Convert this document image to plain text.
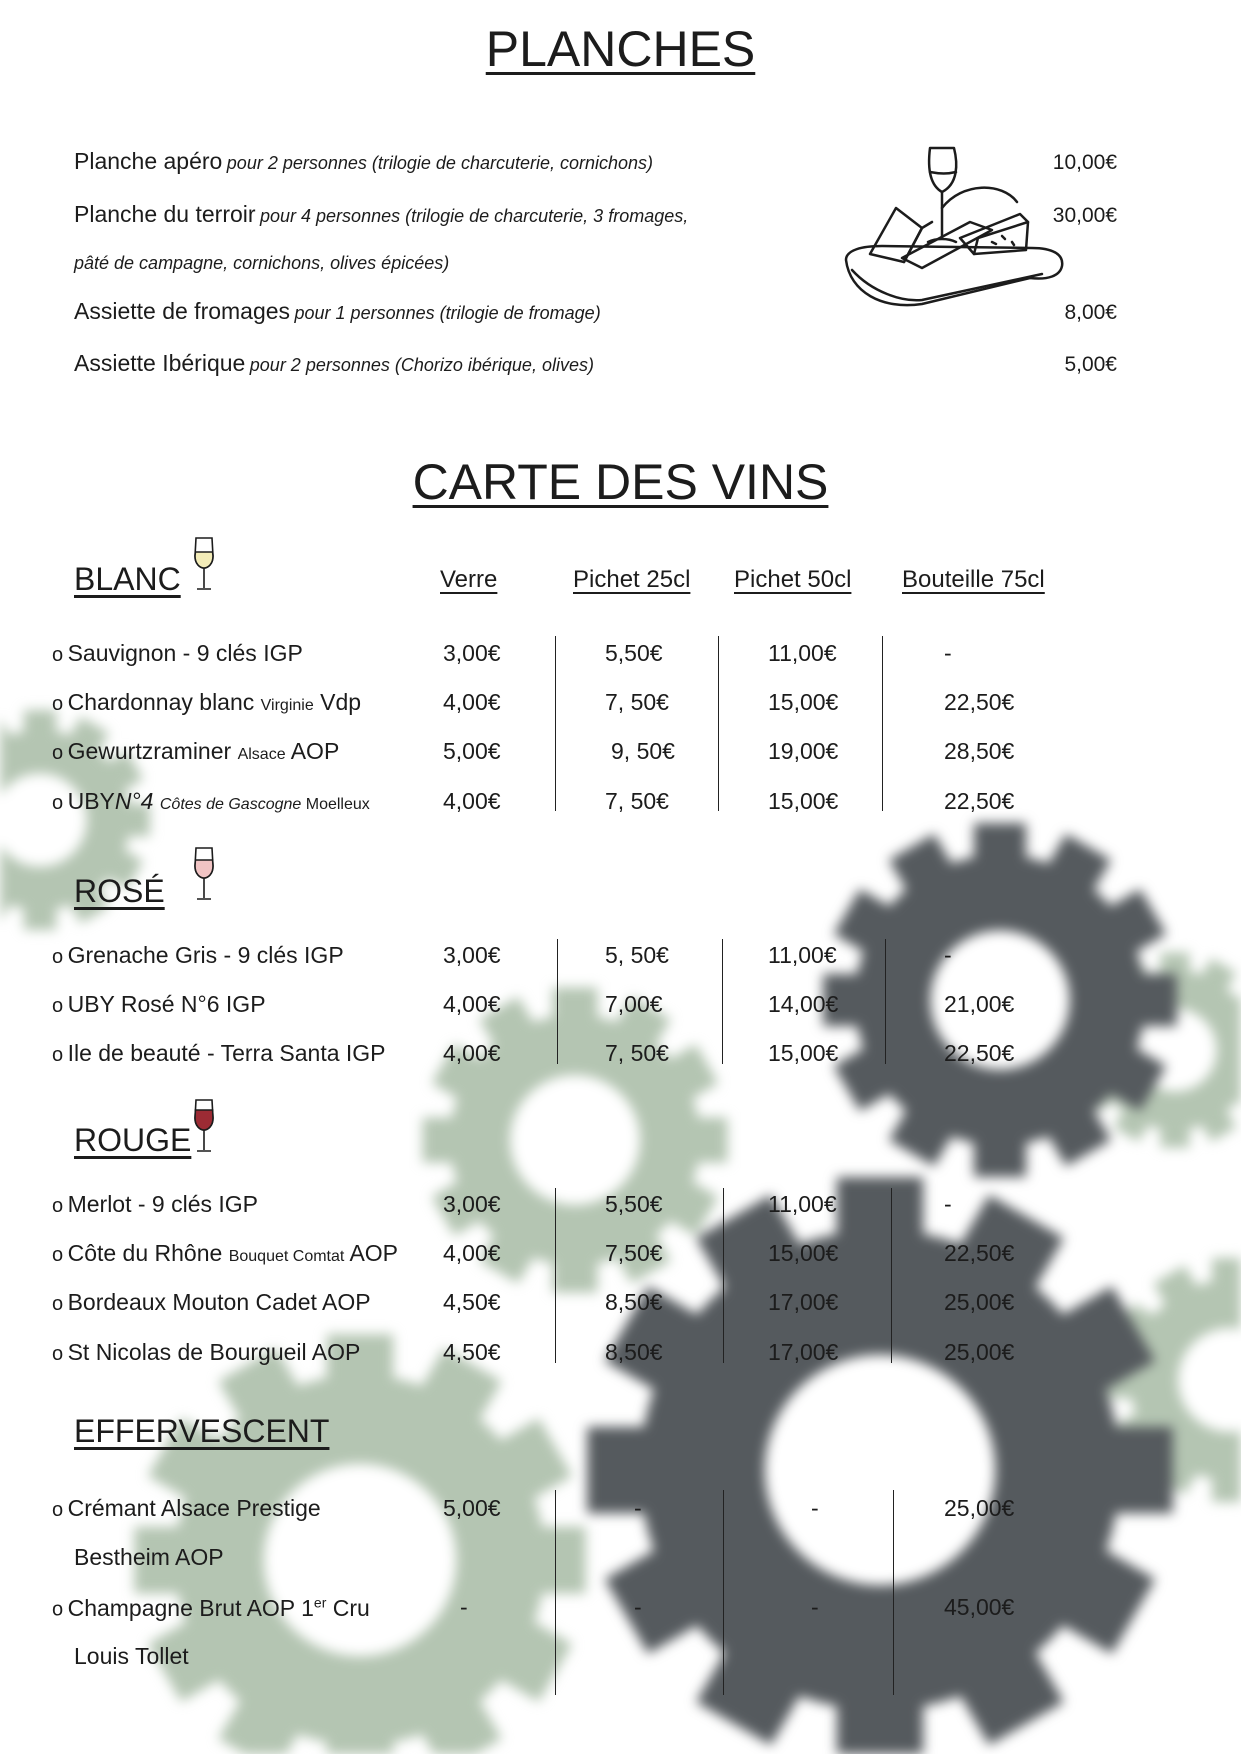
PLANCHES
Planche apéro pour 2 personnes (trilogie de charcuterie, cornichons)	10,00€
Planche du terroir pour 4 personnes (trilogie de charcuterie, 3 fromages,
pâté de campagne, cornichons, olives épicées)
30,00€
Assiette de fromages pour 1 personnes (trilogie de fromage)	8,00€
Assiette Ibérique pour 2 personnes (Chorizo ibérique, olives)	5,00€
CARTE DES VINS
Verre	Pichet 25cl Pichet 50cl Bouteille 75cl
BLANC
o Sauvignon - 9 clés IGP	3,00€	5,50€	11,00€	-
o Chardonnay blanc Virginie Vdp	4,00€	7, 50€	15,00€	22,50€
o Gewurtzraminer Alsace AOP	5,00€	9, 50€	19,00€	28,50€
o UBYN°4 Côtes de Gascogne Moelleux	4,00€	7, 50€	15,00€	22,50€
ROSÉ
o Grenache Gris - 9 clés IGP	3,00€	5, 50€	11,00€	-
o UBY Rosé N°6 IGP	4,00€	7,00€	14,00€	21,00€
o Ile de beauté - Terra Santa IGP 4,00€	7, 50€	15,00€	22,50€
ROUGE
o Merlot - 9 clés IGP	3,00€	5,50€	11,00€	-
o Côte du Rhône Bouquet Comtat AOP 4,00€	7,50€	15,00€	22,50€
o Bordeaux Mouton Cadet AOP	4,50€	8,50€	17,00€	25,00€
o St Nicolas de Bourgueil AOP	4,50€	8,50€	17,00€	25,00€
EFFERVESCENT
o Crémant Alsace Prestige
Bestheim AOP
5,00€	-	-	25,00€
o Champagne Brut AOP 1er Cru
Louis Tollet
-	-	-	45,00€
